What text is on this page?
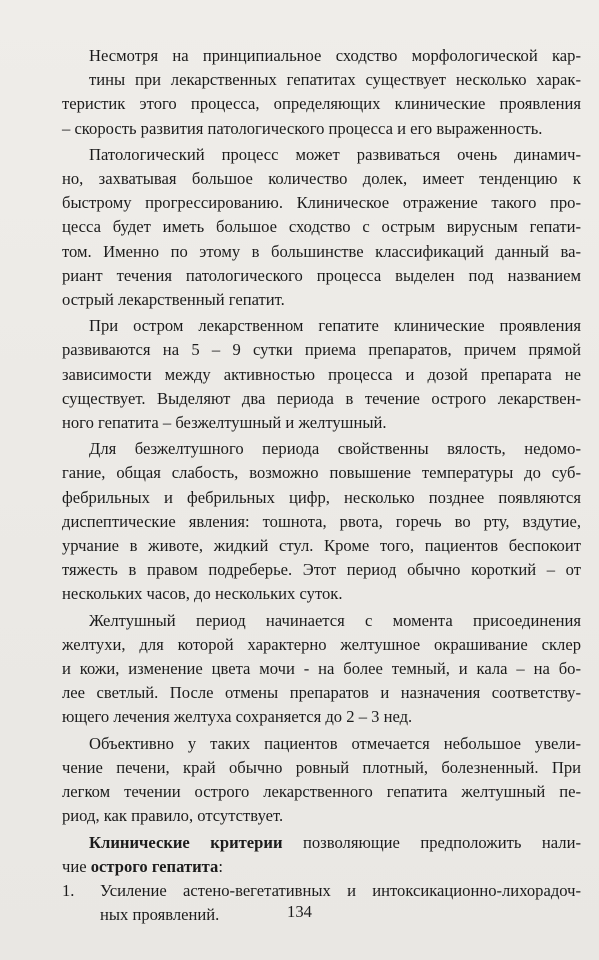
Несмотря на принципиальное сходство морфологической кар-
тины при лекарственных гепатитах существует несколько харак-
теристик этого процесса, определяющих клинические проявления
– скорость развития патологического процесса и его выраженность.

Патологический процесс может развиваться очень динамич-
но, захватывая большое количество долек, имеет тенденцию к
быстрому прогрессированию. Клиническое отражение такого про-
цесса будет иметь большое сходство с острым вирусным гепати-
том. Именно по этому в большинстве классификаций данный ва-
риант течения патологического процесса выделен под названием
острый лекарственный гепатит.

При остром лекарственном гепатите клинические проявления
развиваются на 5 – 9 сутки приема препаратов, причем прямой
зависимости между активностью процесса и дозой препарата не
существует. Выделяют два периода в течение острого лекарствен-
ного гепатита – безжелтушный и желтушный.

Для безжелтушного периода свойственны вялость, недомо-
гание, общая слабость, возможно повышение температуры до суб-
фебрильных и фебрильных цифр, несколько позднее появляются
диспептические явления: тошнота, рвота, горечь во рту, вздутие,
урчание в животе, жидкий стул. Кроме того, пациентов беспокоит
тяжесть в правом подреберье. Этот период обычно короткий – от
нескольких часов, до нескольких суток.

Желтушный период начинается с момента присоединения
желтухи, для которой характерно желтушное окрашивание склер
и кожи, изменение цвета мочи - на более темный, и кала – на бо-
лее светлый. После отмены препаратов и назначения соответству-
ющего лечения желтуха сохраняется до 2 – 3 нед.

Объективно у таких пациентов отмечается небольшое увели-
чение печени, край обычно ровный плотный, болезненный. При
легком течении острого лекарственного гепатита желтушный пе-
риод, как правило, отсутствует.

Клинические критерии позволяющие предположить нали-
чие острого гепатита:

1. Усиление астено-вегетативных и интоксикационно-лихорадоч-
ных проявлений.	134
